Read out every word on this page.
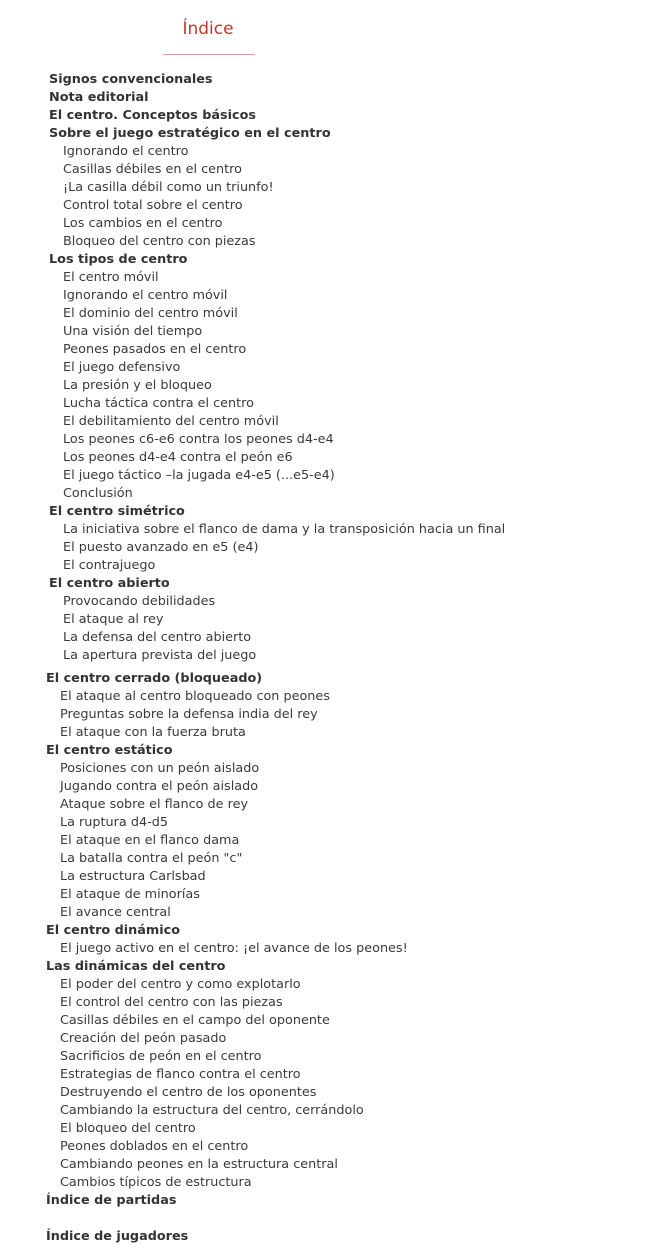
Índice
Signos convencionales
Nota editorial
El centro. Conceptos básicos
Sobre el juego estratégico en el centro
Ignorando el centro
Casillas débiles en el centro
¡La casilla débil como un triunfo!
Control total sobre el centro
Los cambios en el centro
Bloqueo del centro con piezas
Los tipos de centro
El centro móvil
Ignorando el centro móvil
El dominio del centro móvil
Una visión del tiempo
Peones pasados en el centro
El juego defensivo
La presión y el bloqueo
Lucha táctica contra el centro
El debilitamiento del centro móvil
Los peones c6-e6 contra los peones d4-e4
Los peones d4-e4 contra el peón e6
El juego táctico –la jugada e4-e5 (...e5-e4)
Conclusión
El centro simétrico
La iniciativa sobre el flanco de dama y la transposición hacia un final
El puesto avanzado en e5 (e4)
El contrajuego
El centro abierto
Provocando debilidades
El ataque al rey
La defensa del centro abierto
La apertura prevista del juego
El centro cerrado (bloqueado)
El ataque al centro bloqueado con peones
Preguntas sobre la defensa india del rey
El ataque con la fuerza bruta
El centro estático
Posiciones con un peón aislado
Jugando contra el peón aislado
Ataque sobre el flanco de rey
La ruptura d4-d5
El ataque en el flanco dama
La batalla contra el peón "c"
La estructura Carlsbad
El ataque de minorías
El avance central
El centro dinámico
El juego activo en el centro: ¡el avance de los peones!
Las dinámicas del centro
El poder del centro y como explotarlo
El control del centro con las piezas
Casillas débiles en el campo del oponente
Creación del peón pasado
Sacrificios de peón en el centro
Estrategias de flanco contra el centro
Destruyendo el centro de los oponentes
Cambiando la estructura del centro, cerrándolo
El bloqueo del centro
Peones doblados en el centro
Cambiando peones en la estructura central
Cambios típicos de estructura
Índice de partidas
Índice de jugadores
